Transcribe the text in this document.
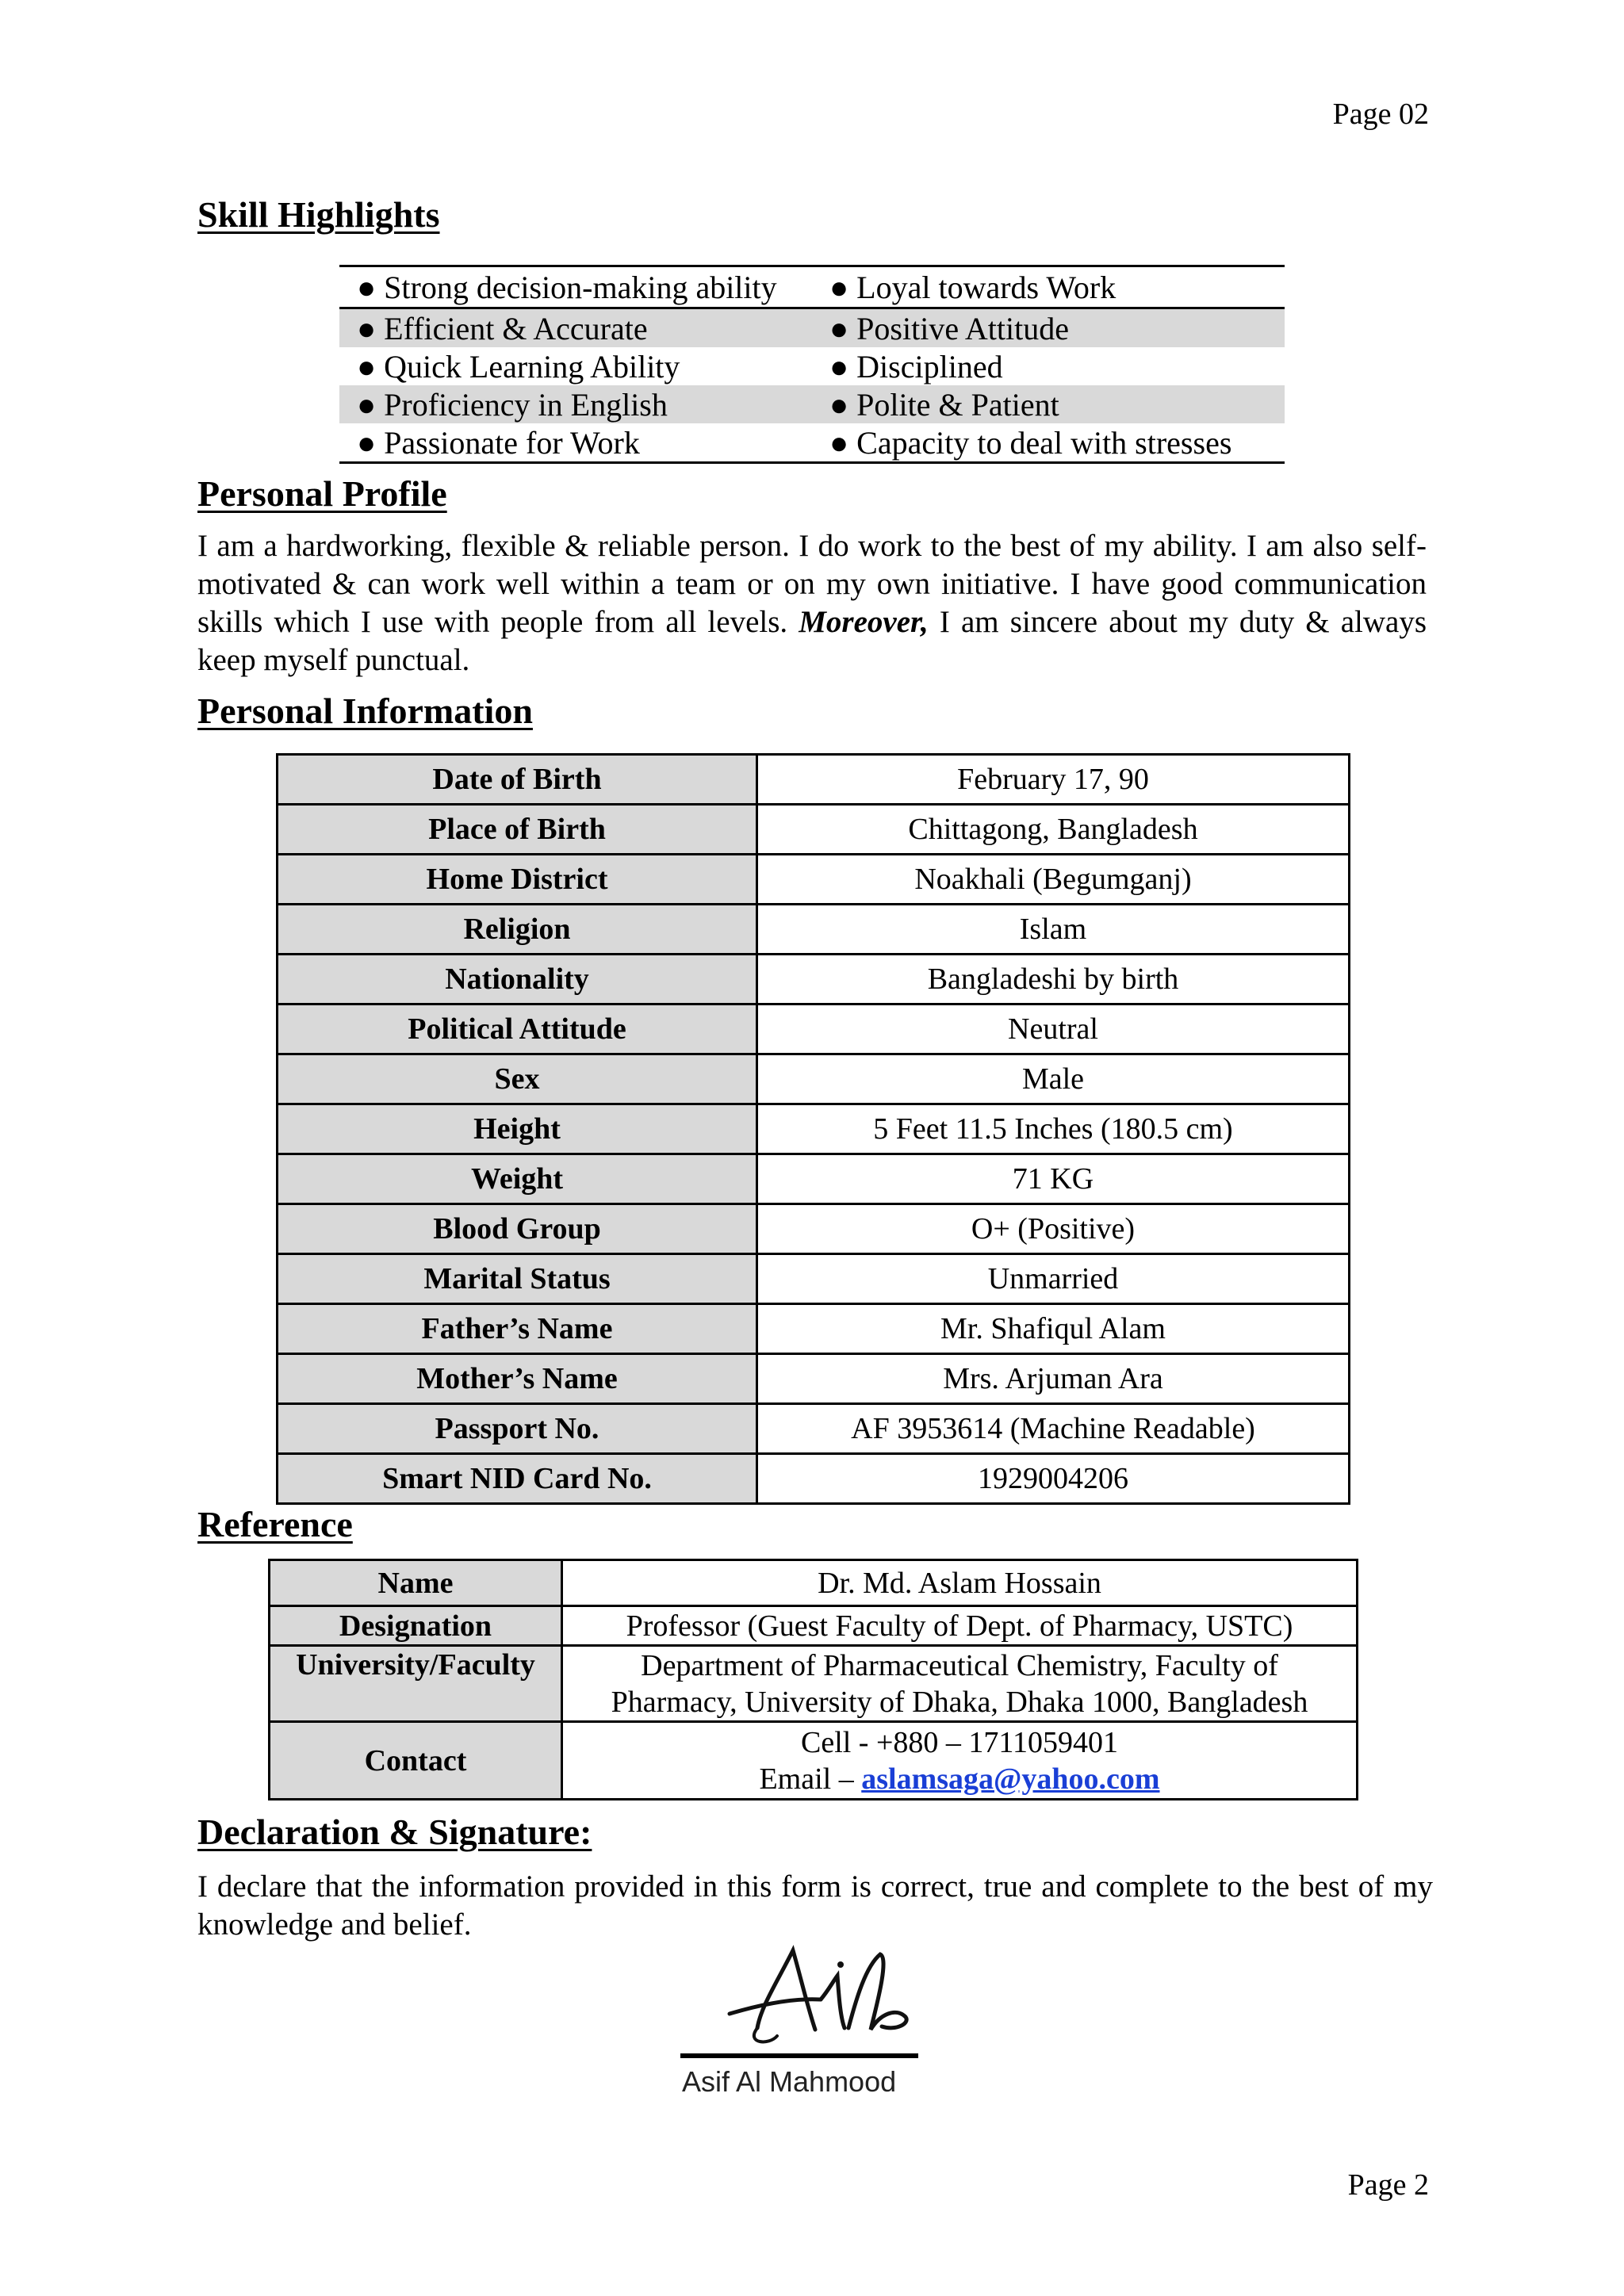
Page 02
Skill Highlights
● Strong decision-making ability	● Loyal towards Work
● Efficient & Accurate	● Positive Attitude
● Quick Learning Ability	● Disciplined
● Proficiency in English	● Polite & Patient
● Passionate for Work	● Capacity to deal with stresses
Personal Profile
I am a hardworking, flexible & reliable person. I do work to the best of my ability. I am also self-motivated & can work well within a team or on my own initiative. I have good communication skills which I use with people from all levels. Moreover, I am sincere about my duty & always keep myself punctual.
Personal Information
Date of Birth	February 17, 90
Place of Birth	Chittagong, Bangladesh
Home District	Noakhali (Begumganj)
Religion	Islam
Nationality	Bangladeshi by birth
Political Attitude	Neutral
Sex	Male
Height	5 Feet 11.5 Inches (180.5 cm)
Weight	71 KG
Blood Group	O+ (Positive)
Marital Status	Unmarried
Father’s Name	Mr. Shafiqul Alam
Mother’s Name	Mrs. Arjuman Ara
Passport No.	AF 3953614 (Machine Readable)
Smart NID Card No.	1929004206
Reference
Name	Dr. Md. Aslam Hossain
Designation	Professor (Guest Faculty of Dept. of Pharmacy, USTC)
University/Faculty	Department of Pharmaceutical Chemistry, Faculty of
Pharmacy, University of Dhaka, Dhaka 1000, Bangladesh

Contact	Cell - +880 – 1711059401
Email – aslamsaga@yahoo.com
Declaration & Signature:
I declare that the information provided in this form is correct, true and complete to the best of my knowledge and belief.
Asif Al Mahmood
Page 2
